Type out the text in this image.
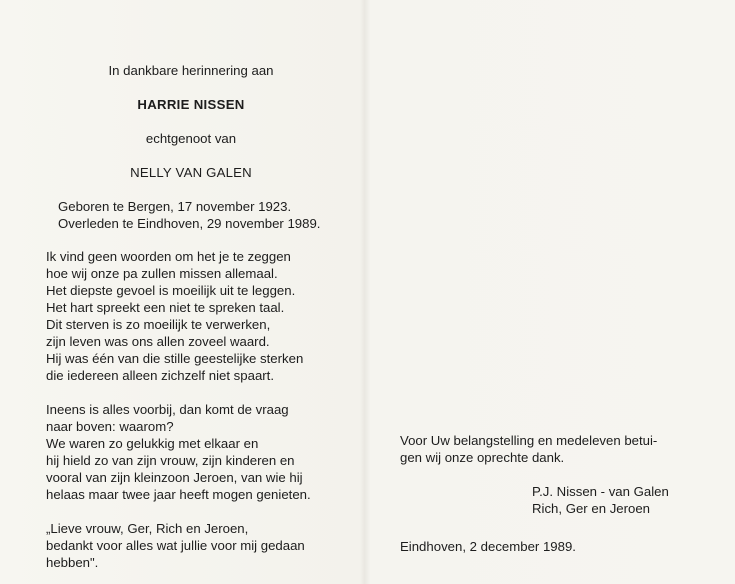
In dankbare herinnering aan
HARRIE NISSEN
echtgenoot van
NELLY VAN GALEN
Geboren te Bergen, 17 november 1923.
Overleden te Eindhoven, 29 november 1989.
Ik vind geen woorden om het je te zeggen
hoe wij onze pa zullen missen allemaal.
Het diepste gevoel is moeilijk uit te leggen.
Het hart spreekt een niet te spreken taal.
Dit sterven is zo moeilijk te verwerken,
zijn leven was ons allen zoveel waard.
Hij was één van die stille geestelijke sterken
die iedereen alleen zichzelf niet spaart.
Ineens is alles voorbij, dan komt de vraag
naar boven: waarom?
We waren zo gelukkig met elkaar en
hij hield zo van zijn vrouw, zijn kinderen en
vooral van zijn kleinzoon Jeroen, van wie hij
helaas maar twee jaar heeft mogen genieten.
„Lieve vrouw, Ger, Rich en Jeroen,
bedankt voor alles wat jullie voor mij gedaan
hebben".
Voor Uw belangstelling en medeleven betui-
gen wij onze oprechte dank.
P.J. Nissen - van Galen
Rich, Ger en Jeroen
Eindhoven, 2 december 1989.
